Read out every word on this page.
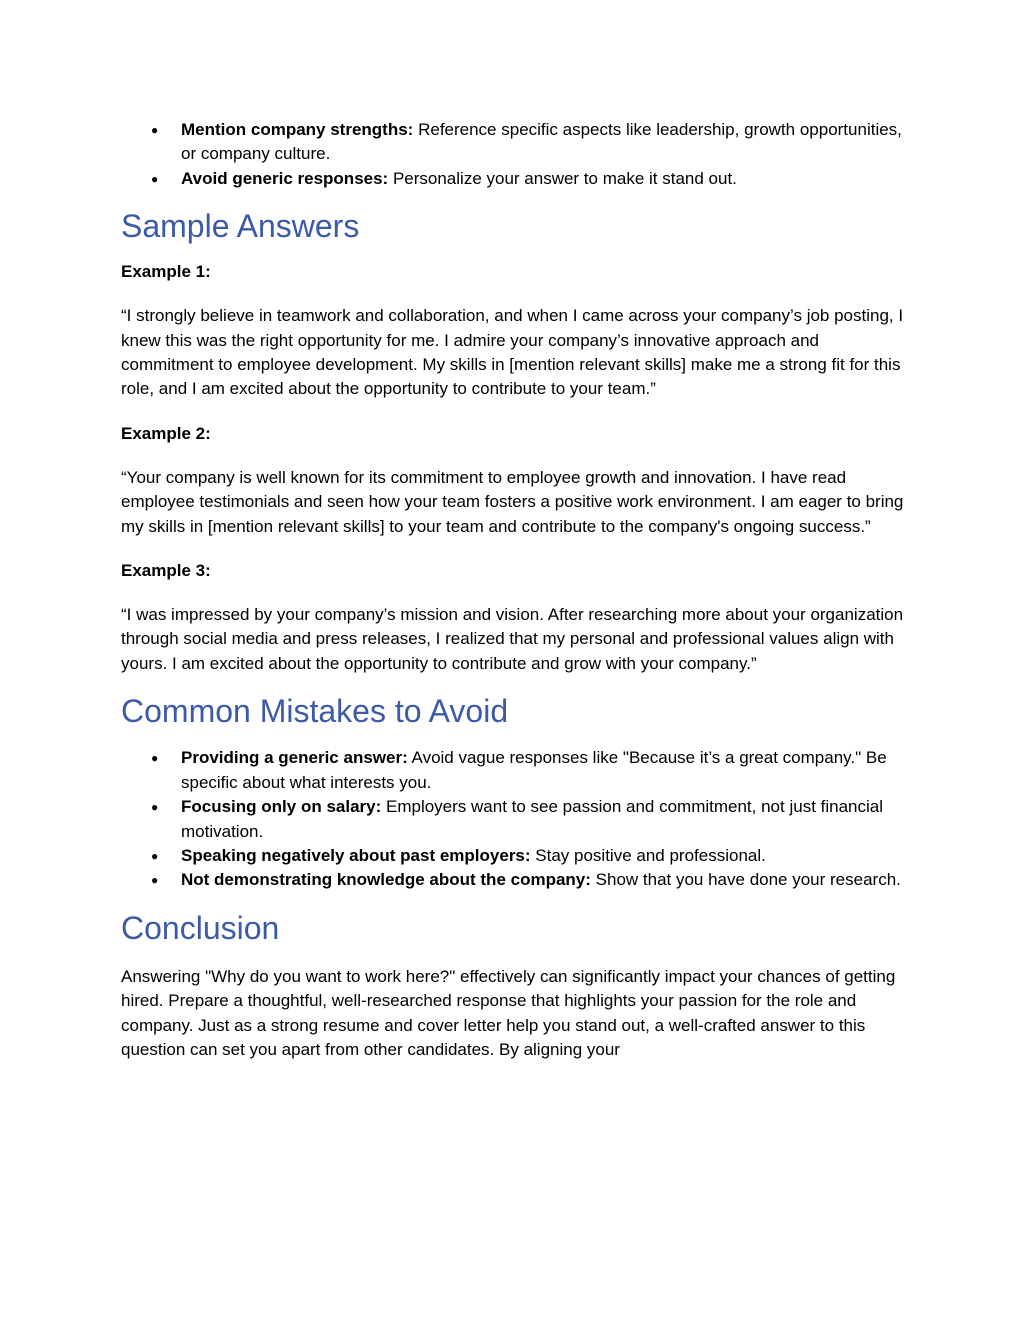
● Mention company strengths: Reference specific aspects like leadership, growth opportunities, or company culture.
● Avoid generic responses: Personalize your answer to make it stand out.
Sample Answers
Example 1:

“I strongly believe in teamwork and collaboration, and when I came across your company’s job posting, I knew this was the right opportunity for me. I admire your company’s innovative approach and commitment to employee development. My skills in [mention relevant skills] make me a strong fit for this role, and I am excited about the opportunity to contribute to your team.”

Example 2:

“Your company is well known for its commitment to employee growth and innovation. I have read employee testimonials and seen how your team fosters a positive work environment. I am eager to bring my skills in [mention relevant skills] to your team and contribute to the company's ongoing success.”

Example 3:

“I was impressed by your company’s mission and vision. After researching more about your organization through social media and press releases, I realized that my personal and professional values align with yours. I am excited about the opportunity to contribute and grow with your company.”

Common Mistakes to Avoid
● Providing a generic answer: Avoid vague responses like "Because it’s a great company." Be specific about what interests you.
● Focusing only on salary: Employers want to see passion and commitment, not just financial motivation.
● Speaking negatively about past employers: Stay positive and professional.
● Not demonstrating knowledge about the company: Show that you have done your research.
Conclusion

Answering "Why do you want to work here?" effectively can significantly impact your chances of getting hired. Prepare a thoughtful, well-researched response that highlights your passion for the role and company. Just as a strong resume and cover letter help you stand out, a well-crafted answer to this question can set you apart from other candidates. By aligning your
